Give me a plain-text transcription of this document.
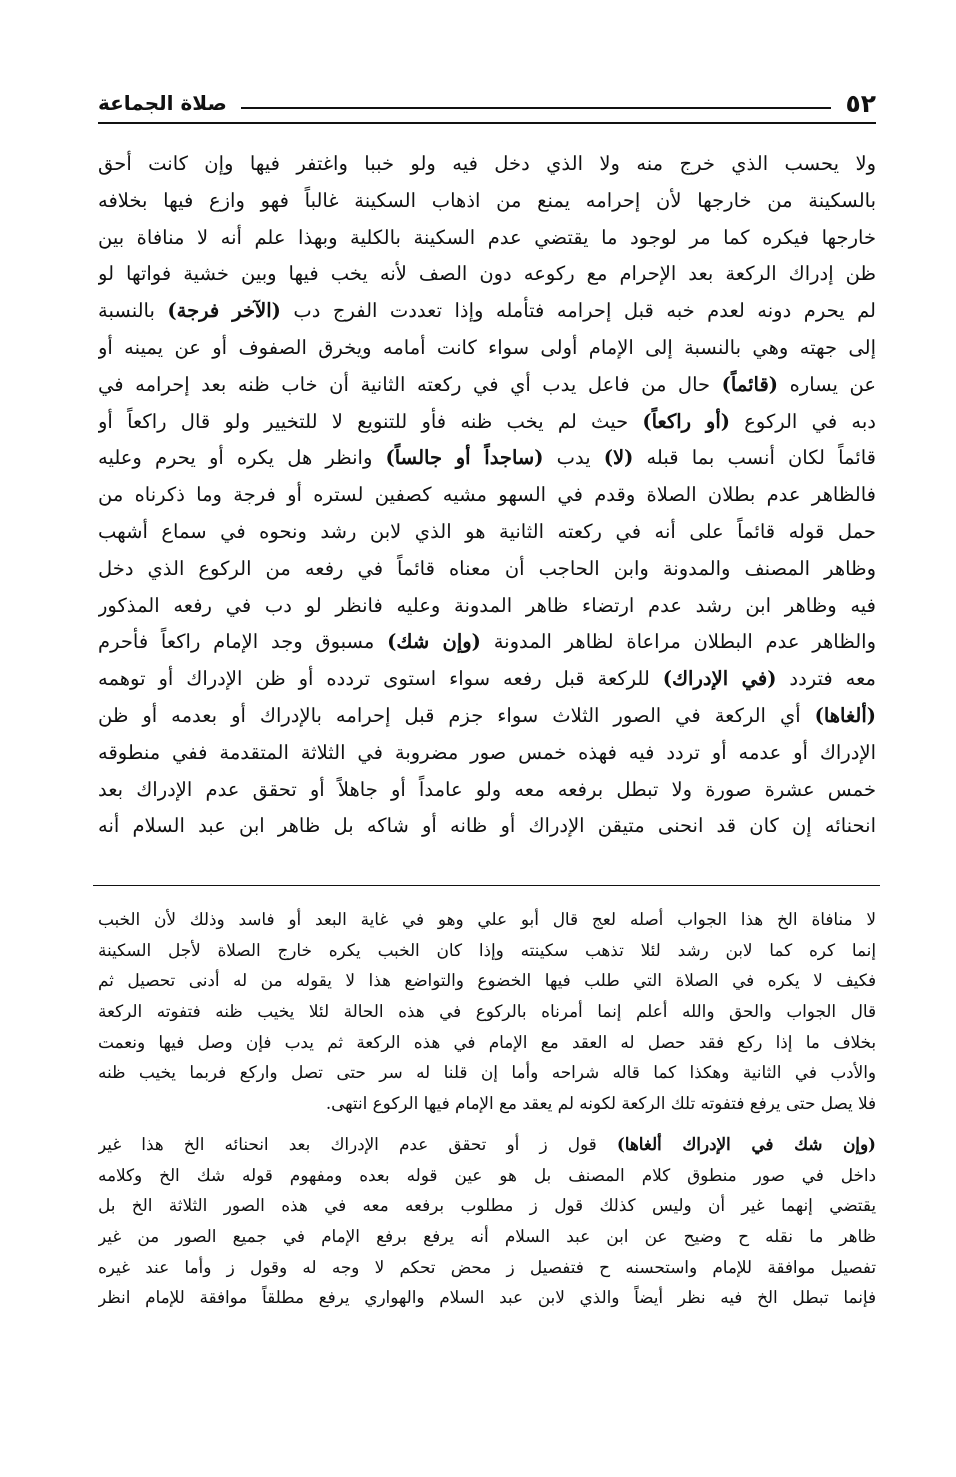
٥٢
صلاة الجماعة
ولا يحسب الذي خرج منه ولا الذي دخل فيه ولو خببا واغتفر فيها وإن كانت أحق
بالسكينة من خارجها لأن إحرامه يمنع من اذهاب السكينة غالباً فهو وازع فيها بخلافه
خارجها فيكره كما مر لوجود ما يقتضي عدم السكينة بالكلية وبهذا علم أنه لا منافاة بين
ظن إدراك الركعة بعد الإحرام مع ركوعه دون الصف لأنه يخب فيها وبين خشية فواتها لو
لم يحرم دونه لعدم خبه قبل إحرامه فتأمله وإذا تعددت الفرج دب (الآخر فرجة) بالنسبة
إلى جهته وهي بالنسبة إلى الإمام أولى سواء كانت أمامه ويخرق الصفوف أو عن يمينه أو
عن يساره (قائماً) حال من فاعل يدب أي في ركعته الثانية أن خاب ظنه بعد إحرامه في
دبه في الركوع (أو راكعاً) حيث لم يخب ظنه فأو للتنويع لا للتخيير ولو قال راكعاً أو
قائماً لكان أنسب بما قبله (لا) يدب (ساجداً أو جالساً) وانظر هل يكره أو يحرم وعليه
فالظاهر عدم بطلان الصلاة وقدم في السهو مشيه كصفين لستره أو فرجة وما ذكرناه من
حمل قوله قائماً على أنه في ركعته الثانية هو الذي لابن رشد ونحوه في سماع أشهب
وظاهر المصنف والمدونة وابن الحاجب أن معناه قائماً في رفعه من الركوع الذي دخل
فيه وظاهر ابن رشد عدم ارتضاء ظاهر المدونة وعليه فانظر لو دب في رفعه المذكور
والظاهر عدم البطلان مراعاة لظاهر المدونة (وإن شك) مسبوق وجد الإمام راكعاً فأحرم
معه فتردد (في الإدراك) للركعة قبل رفعه سواء استوى تردده أو ظن الإدراك أو توهمه
(ألغاها) أي الركعة في الصور الثلاث سواء جزم قبل إحرامه بالإدراك أو بعدمه أو ظن
الإدراك أو عدمه أو تردد فيه فهذه خمس صور مضروبة في الثلاثة المتقدمة ففي منطوقه
خمس عشرة صورة ولا تبطل برفعه معه ولو عامداً أو جاهلاً أو تحقق عدم الإدراك بعد
انحنائه إن كان قد انحنى متيقن الإدراك أو ظانه أو شاكه بل ظاهر ابن عبد السلام أنه
لا منافاة الخ هذا الجواب أصله لعج قال أبو علي وهو في غاية البعد أو فاسد وذلك لأن الخبب
إنما كره كما لابن رشد لئلا تذهب سكينته وإذا كان الخبب يكره خارج الصلاة لأجل السكينة
فكيف لا يكره في الصلاة التي طلب فيها الخضوع والتواضع هذا لا يقوله من له أدنى تحصيل ثم
قال الجواب والحق والله أعلم إنما أمرناه بالركوع في هذه الحالة لئلا يخيب ظنه فتفوته الركعة
بخلاف ما إذا ركع فقد حصل له العقد مع الإمام في هذه الركعة ثم يدب فإن وصل فيها ونعمت
والأدب في الثانية وهكذا كما قاله شراحه وأما إن قلنا له سر حتى تصل واركع فربما يخيب ظنه
فلا يصل حتى يرفع فتفوته تلك الركعة لكونه لم يعقد مع الإمام فيها الركوع انتهى.
(وإن شك في الإدراك ألغاها) قول ز أو تحقق عدم الإدراك بعد انحنائه الخ هذا غير
داخل في صور منطوق كلام المصنف بل هو عين قوله بعده ومفهوم قوله شك الخ وكلامه
يقتضي إنهما غير أن وليس كذلك قول ز مطلوب برفعه معه في هذه الصور الثلاثة الخ بل
ظاهر ما نقله ح وضيح عن ابن عبد السلام أنه يرفع برفع الإمام في جميع الصور من غير
تفصيل موافقة للإمام واستحسنه ح فتفصيل ز محض تحكم لا وجه له وقول ز وأما عند غيره
فإنما تبطل الخ فيه نظر أيضاً والذي لابن عبد السلام والهواري يرفع مطلقاً موافقة للإمام انظر
